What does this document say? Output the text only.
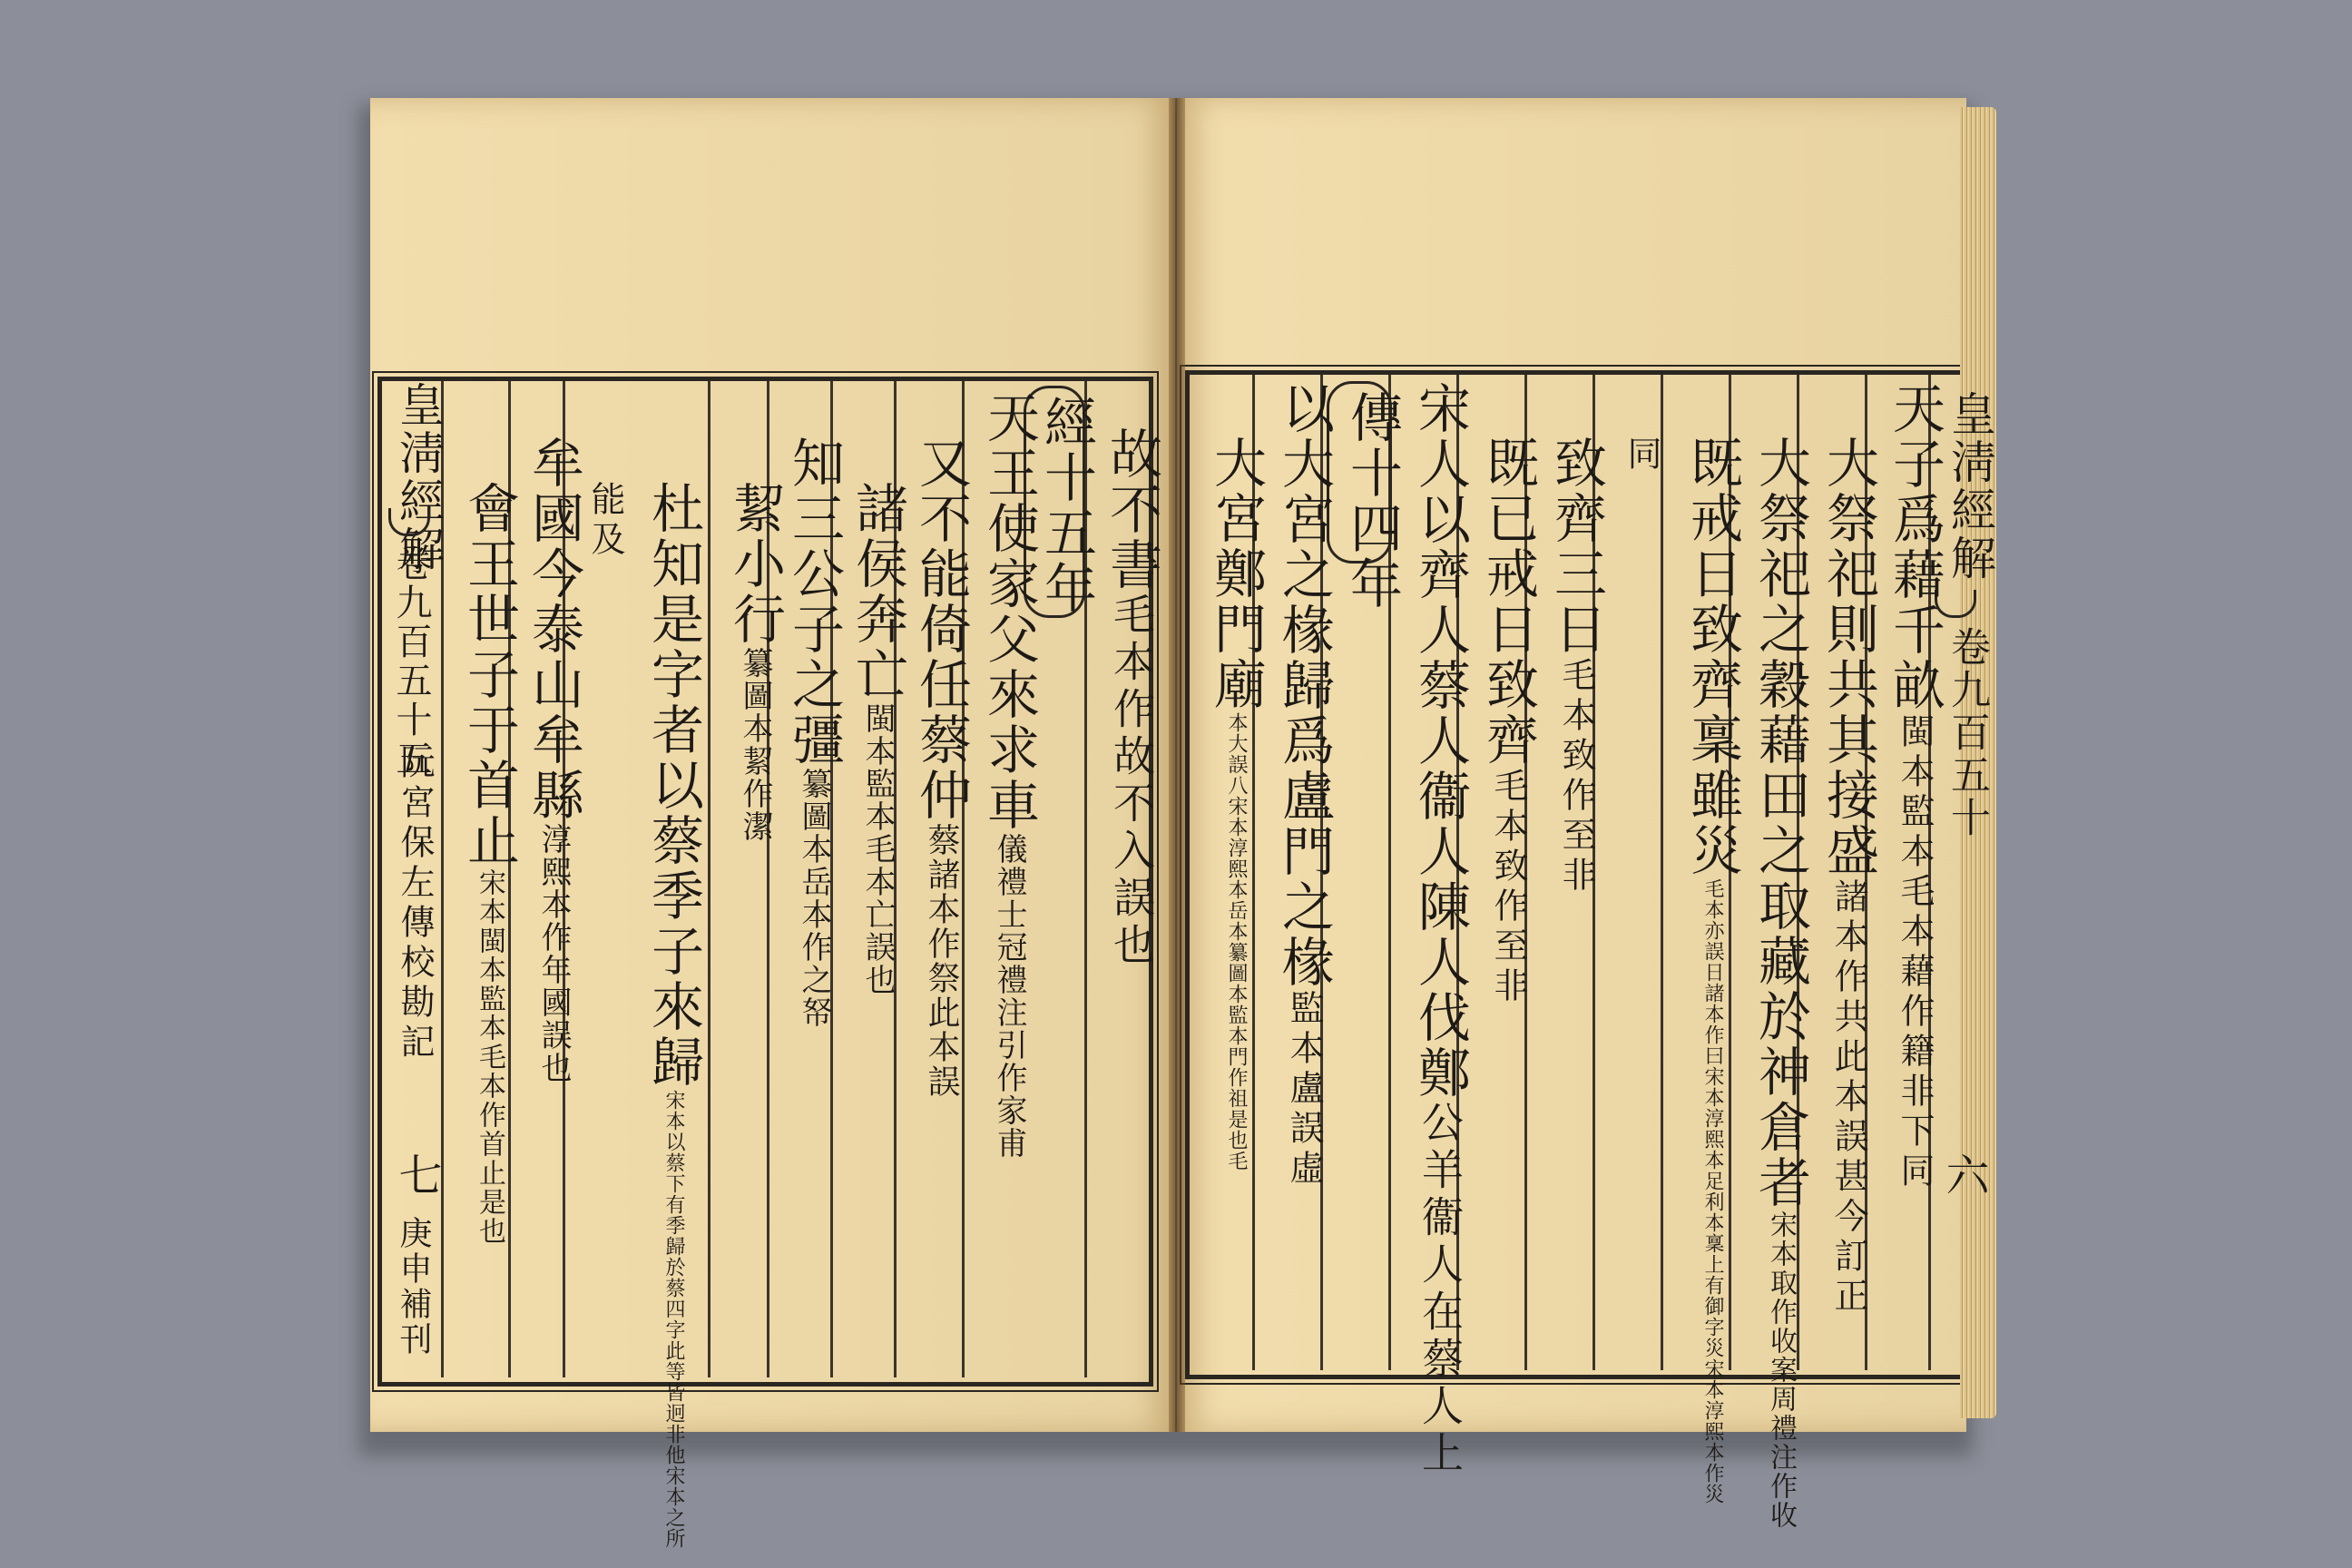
皇淸經解
卷九百五十
六
天子爲藉千畝閩本監本毛本藉作籍非下同
大祭祀則共其接盛諸本作共此本誤甚今訂正
大祭祀之穀藉田之取藏於神倉者宋本取作收案周禮注作收
既戒日致齊稟雖災毛本亦誤日諸本作曰宋本淳熙本足利本稟上有御字災宋本淳熙本作災
同
致齊三日毛本致作至非
既已戒日致齊毛本致作至非
宋人以齊人蔡人衞人陳人伐鄭公羊衞人在蔡人上
傳十四年
以大宮之椽歸爲盧門之椽監本盧誤虛
大宮鄭門廟本大誤八宋本淳熙本岳本纂圖本監本門作祖是也毛
皇淸經解
卷九百五十五
阮宮保左傳校勘記
七
庚申補刊
故不書毛本作故不入誤也
經十五年
天王使家父來求車儀禮士冠禮注引作家甫
又不能倚任蔡仲蔡諸本作祭此本誤
諸侯奔亡閩本監本毛本亡誤也
知三公子之彊纂圖本岳本作之帑
絜小行纂圖本絜作潔
杜知是字者以蔡季子來歸宋本以蔡下有季歸於蔡四字此等皆迥非他宋本之所
能及
牟國今泰山牟縣淳熙本作年國誤也
會王世子于首止宋本閩本監本毛本作首止是也
